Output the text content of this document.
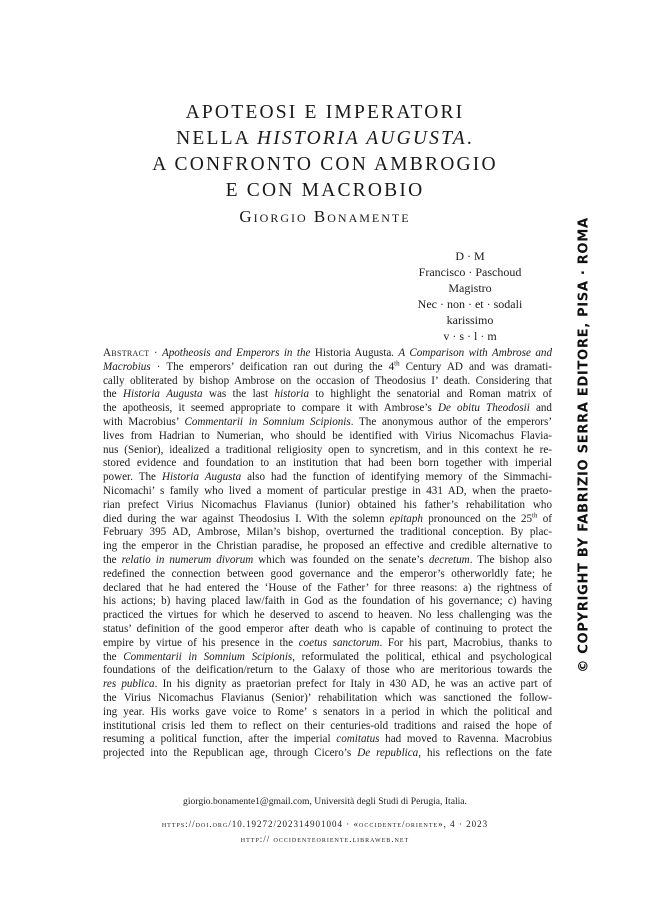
APOTEOSI E IMPERATORI
NELLA HISTORIA AUGUSTA.
A CONFRONTO CON AMBROGIO
E CON MACROBIO
Giorgio Bonamente
D · M
Francisco · Paschoud
Magistro
Nec · non · et · sodali
karissimo
v · s · l · m
Abstract · Apotheosis and Emperors in the Historia Augusta. A Comparison with Ambrose and
Macrobius · The emperors’ deification ran out during the 4th Century AD and was dramati-
cally obliterated by bishop Ambrose on the occasion of Theodosius I’ death. Considering that
the Historia Augusta was the last historia to highlight the senatorial and Roman matrix of
the apotheosis, it seemed appropriate to compare it with Ambrose’s De obitu Theodosii and
with Macrobius’ Commentarii in Somnium Scipionis. The anonymous author of the emperors’
lives from Hadrian to Numerian, who should be identified with Virius Nicomachus Flavia-
nus (Senior), idealized a traditional religiosity open to syncretism, and in this context he re-
stored evidence and foundation to an institution that had been born together with imperial
power. The Historia Augusta also had the function of identifying memory of the Simmachi-
Nicomachi’ s family who lived a moment of particular prestige in 431 AD, when the praeto-
rian prefect Virius Nicomachus Flavianus (Iunior) obtained his father’s rehabilitation who
died during the war against Theodosius I. With the solemn epitaph pronounced on the 25th of
February 395 AD, Ambrose, Milan’s bishop, overturned the traditional conception. By plac-
ing the emperor in the Christian paradise, he proposed an effective and credible alternative to
the relatio in numerum divorum which was founded on the senate’s decretum. The bishop also
redefined the connection between good governance and the emperor’s otherworldly fate; he
declared that he had entered the ‘House of the Father’ for three reasons: a) the rightness of
his actions; b) having placed law/faith in God as the foundation of his governance; c) having
practiced the virtues for which he deserved to ascend to heaven. No less challenging was the
status’ definition of the good emperor after death who is capable of continuing to protect the
empire by virtue of his presence in the coetus sanctorum. For his part, Macrobius, thanks to
the Commentarii in Somnium Scipionis, reformulated the political, ethical and psychological
foundations of the deification/return to the Galaxy of those who are meritorious towards the
res publica. In his dignity as praetorian prefect for Italy in 430 AD, he was an active part of
the Virius Nicomachus Flavianus (Senior)’ rehabilitation which was sanctioned the follow-
ing year. His works gave voice to Rome’ s senators in a period in which the political and
institutional crisis led them to reflect on their centuries-old traditions and raised the hope of
resuming a political function, after the imperial comitatus had moved to Ravenna. Macrobius
projected into the Republican age, through Cicero’s De republica, his reflections on the fate
giorgio.bonamente1@gmail.com, Università degli Studi di Perugia, Italia.
https://doi.org/10.19272/202314901004 · «occidente/oriente», 4 · 2023
http:// occidenteoriente.libraweb.net
© COPYRIGHT BY FABRIZIO SERRA EDITORE, PISA · ROMA
